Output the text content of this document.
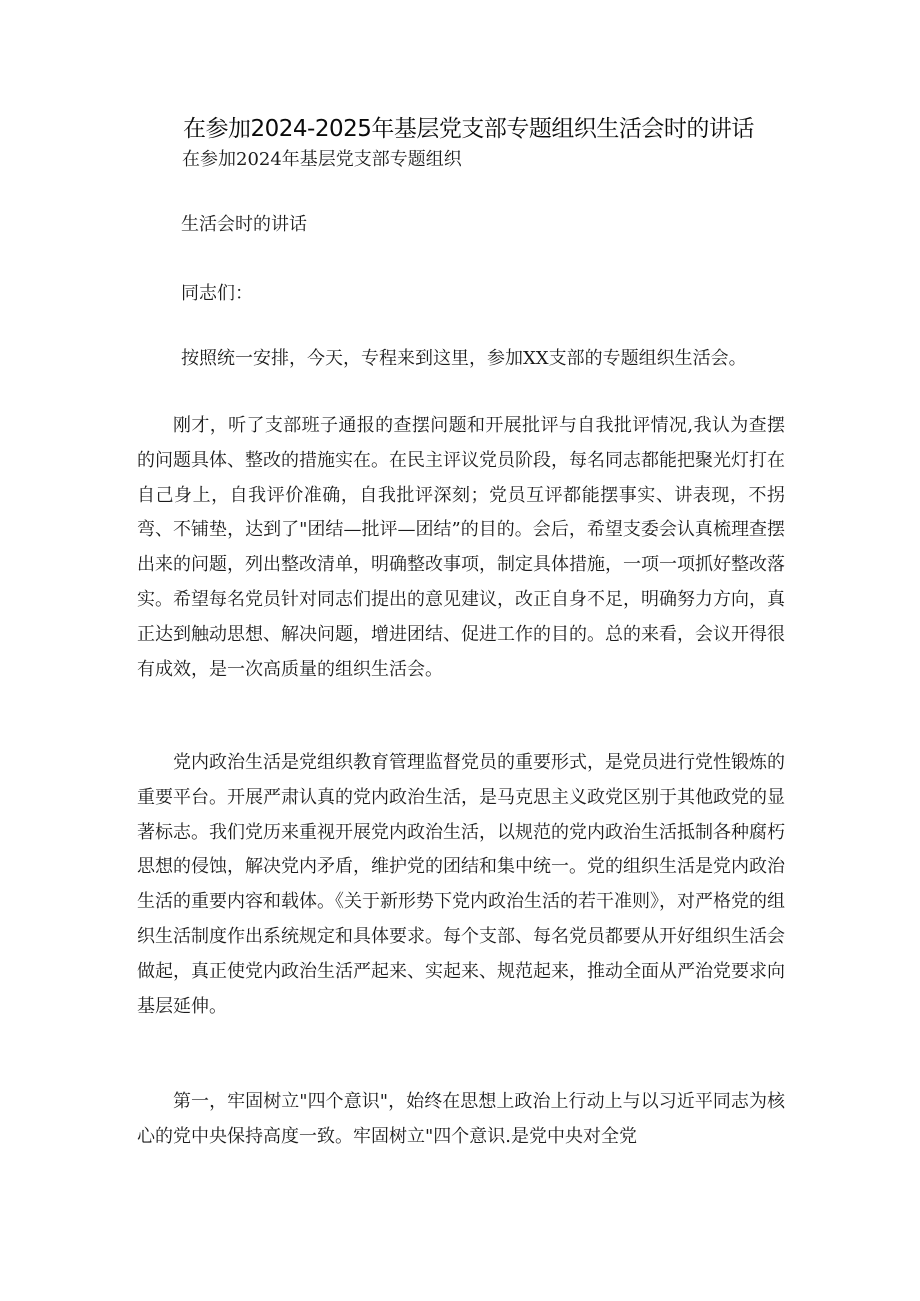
在参加2024-2025年基层党支部专题组织生活会时的讲话
在参加2024年基层党支部专题组织
生活会时的讲话
同志们：
按照统一安排，今天，专程来到这里，参加XX支部的专题组织生活会。

刚才，听了支部班子通报的查摆问题和开展批评与自我批评情况,我认为查摆的问题具体、整改的措施实在。在民主评议党员阶段，每名同志都能把聚光灯打在自己身上，自我评价准确，自我批评深刻；党员互评都能摆事实、讲表现，不拐弯、不铺垫，达到了"团结—批评—团结”的目的。会后，希望支委会认真梳理查摆出来的问题，列出整改清单，明确整改事项，制定具体措施，一项一项抓好整改落实。希望每名党员针对同志们提出的意见建议，改正自身不足，明确努力方向，真正达到触动思想、解决问题，增进团结、促进工作的目的。总的来看，会议开得很有成效，是一次高质量的组织生活会。

党内政治生活是党组织教育管理监督党员的重要形式，是党员进行党性锻炼的重要平台。开展严肃认真的党内政治生活，是马克思主义政党区别于其他政党的显著标志。我们党历来重视开展党内政治生活，以规范的党内政治生活抵制各种腐朽思想的侵蚀，解决党内矛盾，维护党的团结和集中统一。党的组织生活是党内政治生活的重要内容和载体。《关于新形势下党内政治生活的若干准则》，对严格党的组织生活制度作出系统规定和具体要求。每个支部、每名党员都要从开好组织生活会做起，真正使党内政治生活严起来、实起来、规范起来，推动全面从严治党要求向基层延伸。

第一，牢固树立"四个意识"，始终在思想上政治上行动上与以习近平同志为核心的党中央保持高度一致。牢固树立"四个意识.是党中央对全党
